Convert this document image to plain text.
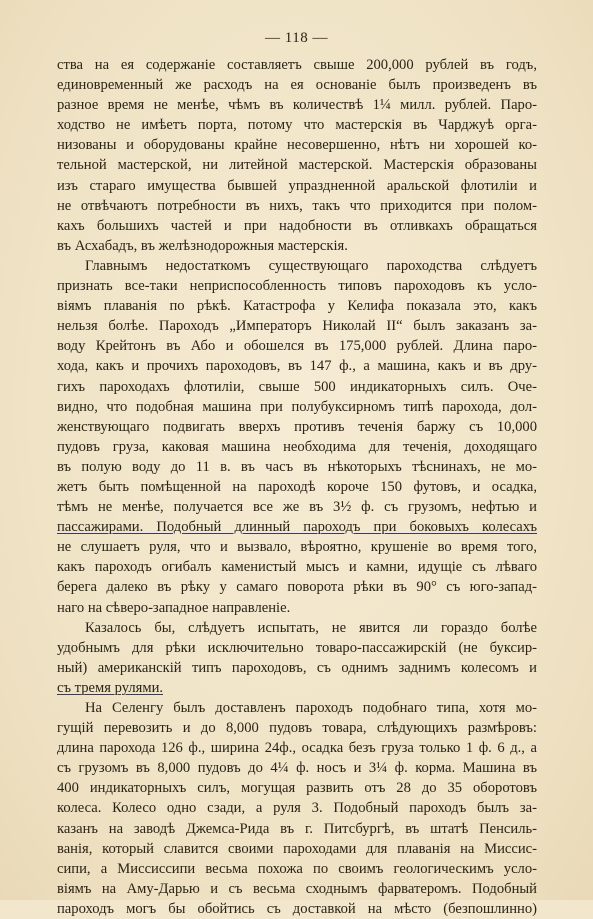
— 118 —
ства на ея содержаніе составляетъ свыше 200,000 рублей въ годъ,
единовременный же расходъ на ея основаніе былъ произведенъ въ
разное время не менѣе, чѣмъ въ количествѣ 1¼ милл. рублей. Паро-
ходство не имѣетъ порта, потому что мастерскія въ Чарджуѣ орга-
низованы и оборудованы крайне несовершенно, нѣтъ ни хорошей ко-
тельной мастерской, ни литейной мастерской. Мастерскія образованы
изъ стараго имущества бывшей упраздненной аральской флотиліи и
не отвѣчаютъ потребности въ нихъ, такъ что приходится при полом-
кахъ большихъ частей и при надобности въ отливкахъ обращаться
въ Асхабадъ, въ желѣзнодорожныя мастерскія.
Главнымъ недостаткомъ существующаго пароходства слѣдуетъ
признать все-таки неприспособленность типовъ пароходовъ къ усло-
віямъ плаванія по рѣкѣ. Катастрофа у Келифа показала это, какъ
нельзя болѣе. Пароходъ „Императоръ Николай II“ былъ заказанъ за-
воду Крейтонъ въ Або и обошелся въ 175,000 рублей. Длина паро-
хода, какъ и прочихъ пароходовъ, въ 147 ф., а машина, какъ и въ дру-
гихъ пароходахъ флотиліи, свыше 500 индикаторныхъ силъ. Оче-
видно, что подобная машина при полубуксирномъ типѣ парохода, дол-
женствующаго подвигать вверхъ противъ теченія баржу съ 10,000
пудовъ груза, каковая машина необходима для теченія, доходящаго
въ полую воду до 11 в. въ часъ въ нѣкоторыхъ тѣснинахъ, не мо-
жетъ быть помѣщенной на пароходѣ короче 150 футовъ, и осадка,
тѣмъ не менѣе, получается все же въ 3½ ф. съ грузомъ, нефтью и
пассажирами. Подобный длинный пароходъ при боковыхъ колесахъ
не слушаетъ руля, что и вызвало, вѣроятно, крушеніе во время того,
какъ пароходъ огибалъ каменистый мысъ и камни, идущіе съ лѣваго
берега далеко въ рѣку у самаго поворота рѣки въ 90° съ юго-запад-
наго на сѣверо-западное направленіе.
Казалось бы, слѣдуетъ испытать, не явится ли гораздо болѣе
удобнымъ для рѣки исключительно товаро-пассажирскій (не буксир-
ный) американскій типъ пароходовъ, съ однимъ заднимъ колесомъ и
съ тремя рулями.
На Селенгу былъ доставленъ пароходъ подобнаго типа, хотя мо-
гущій перевозить и до 8,000 пудовъ товара, слѣдующихъ размѣровъ:
длина парохода 126 ф., ширина 24ф., осадка безъ груза только 1 ф. 6 д., а
съ грузомъ въ 8,000 пудовъ до 4¼ ф. носъ и 3¼ ф. корма. Машина въ
400 индикаторныхъ силъ, могущая развить отъ 28 до 35 оборотовъ
колеса. Колесо одно сзади, а руля 3. Подобный пароходъ былъ за-
казанъ на заводѣ Джемса-Рида въ г. Питсбургѣ, въ штатѣ Пенсиль-
ванія, который славится своими пароходами для плаванія на Миссис-
сипи, а Миссиссипи весьма похожа по своимъ геологическимъ усло-
віямъ на Аму-Дарью и съ весьма сходнымъ фарватеромъ. Подобный
пароходъ могъ бы обойтись съ доставкой на мѣсто (безпошлинно)
